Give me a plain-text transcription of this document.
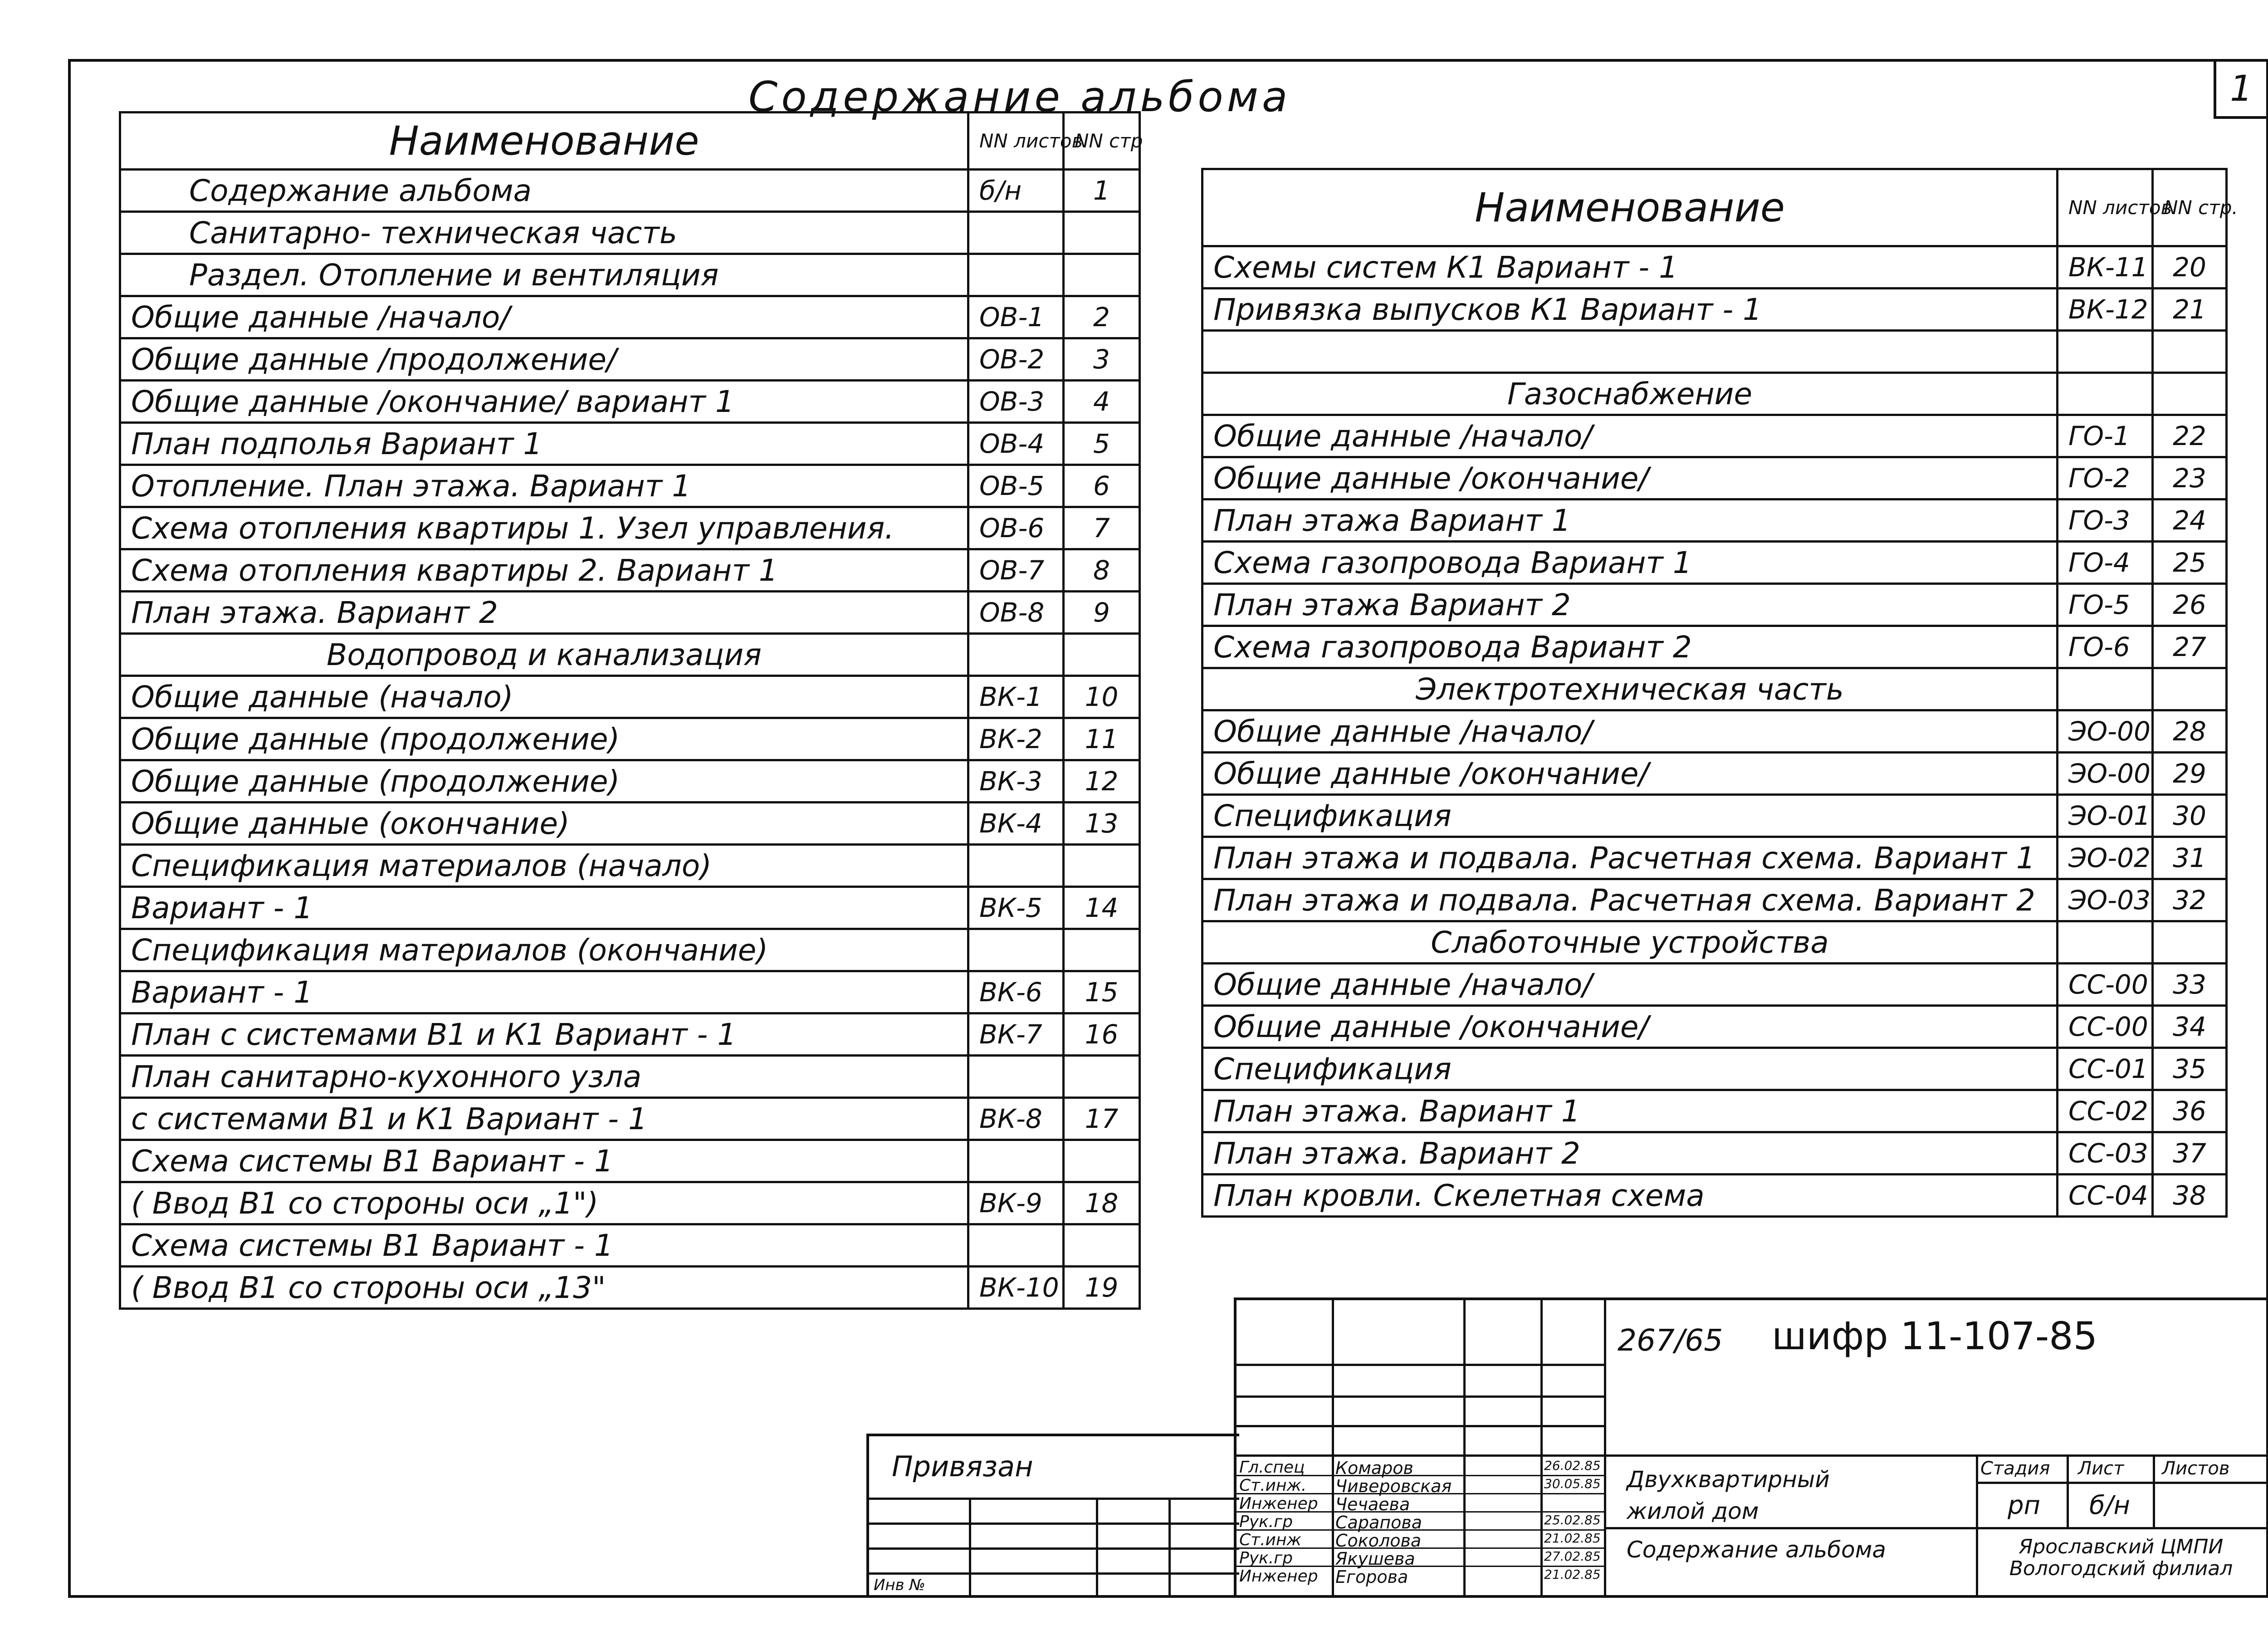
1
Содержание альбома
Наименование	NN листов	NN стр
Содержание альбома	б/н	1
Санитарно- техническая часть		
Раздел. Отопление и вентиляция		
Общие данные /начало/	ОВ-1	2
Общие данные /продолжение/	ОВ-2	3
Общие данные /окончание/ вариант 1	ОВ-3	4
План подполья Вариант 1	ОВ-4	5
Отопление. План этажа. Вариант 1	ОВ-5	6
Схема отопления квартиры 1. Узел управления.	ОВ-6	7
Схема отопления квартиры 2. Вариант 1	ОВ-7	8
План этажа. Вариант 2	ОВ-8	9
Водопровод и канализация		
Общие данные (начало)	ВК-1	10
Общие данные (продолжение)	ВК-2	11
Общие данные (продолжение)	ВК-3	12
Общие данные (окончание)	ВК-4	13
Спецификация материалов (начало)		
Вариант - 1	ВК-5	14
Спецификация материалов (окончание)		
Вариант - 1	ВК-6	15
План с системами В1 и К1 Вариант - 1	ВК-7	16
План санитарно-кухонного узла		
с системами В1 и К1 Вариант - 1	ВК-8	17
Схема системы В1 Вариант - 1		
( Ввод В1 со стороны оси „1")	ВК-9	18
Схема системы В1 Вариант - 1		
( Ввод В1 со стороны оси „13"	ВК-10	19
Наименование	NN листов	NN стр.
Схемы систем К1 Вариант - 1	ВК-11	20
Привязка выпусков К1 Вариант - 1	ВК-12	21

Газоснабжение		
Общие данные /начало/	ГО-1	22
Общие данные /окончание/	ГО-2	23
План этажа Вариант 1	ГО-3	24
Схема газопровода Вариант 1	ГО-4	25
План этажа Вариант 2	ГО-5	26
Схема газопровода Вариант 2	ГО-6	27
Электротехническая часть		
Общие данные /начало/	ЭО-00	28
Общие данные /окончание/	ЭО-00	29
Спецификация	ЭО-01	30
План этажа и подвала. Расчетная схема. Вариант 1	ЭО-02	31
План этажа и подвала. Расчетная схема. Вариант 2	ЭО-03	32
Слаботочные устройства		
Общие данные /начало/	СС-00	33
Общие данные /окончание/	СС-00	34
Спецификация	СС-01	35
План этажа. Вариант 1	СС-02	36
План этажа. Вариант 2	СС-03	37
План кровли. Скелетная схема	СС-04	38
Привязан
Инв №
267/65 шифр 11-107-85
Гл.спец Комаров	26.02.85
Ст.инж. Чиверовская	30.05.85
Инженер Чечаева
Рук.гр Сарапова	25.02.85
Ст.инж Соколова	21.02.85
Рук.гр Якушева	27.02.85
Инженер Егорова	21.02.85
Двухквартирный жилой дом
Содержание альбома
Стадия Лист Листов
рп б/н
Ярославский ЦМПИ Вологодский филиал
